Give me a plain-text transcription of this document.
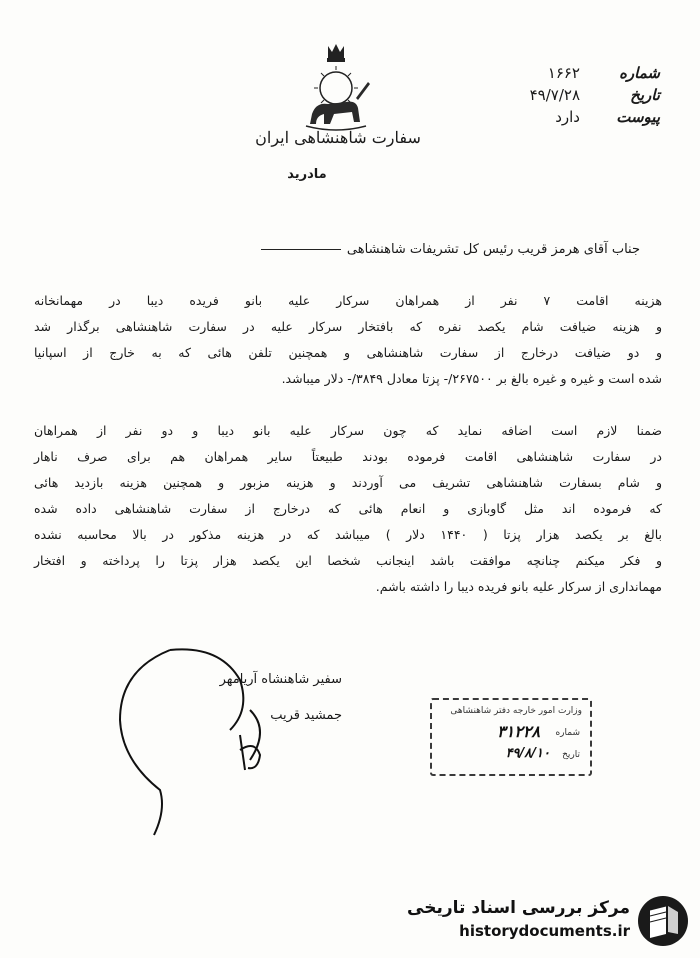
شماره
تاریخ
پیوست
۱۶۶۲
۴۹/۷/۲۸
دارد
سفارت شاهنشاهی ایران
مادرید
جناب آقای هرمز قریب رئیس کل تشریفات شاهنشاهی

هزینه اقامت ۷ نفر از همراهان سرکار علیه بانو فریده دیبا در مهمانخانه

و هزینه ضیافت شام یکصد نفره که بافتخار سرکار علیه در سفارت شاهنشاهی برگذار شد

و دو ضیافت درخارج از سفارت شاهنشاهی و همچنین تلفن هائی که به خارج از اسپانیا

شده است و غیره و غیره بالغ بر ۲۶۷۵۰۰/- پزتا معادل ۳۸۴۹/- دلار میباشد.

ضمنا لازم است اضافه نماید که چون سرکار علیه بانو دیبا و دو نفر از همراهان

در سفارت شاهنشاهی اقامت فرموده بودند طبیعتاً سایر همراهان هم برای صرف ناهار

و شام بسفارت شاهنشاهی تشریف می آوردند و هزینه مزبور و همچنین هزینه بازدید هائی

که فرموده اند مثل گاوبازی و انعام هائی که درخارج از سفارت شاهنشاهی داده شده

بالغ بر یکصد هزار پزتا ( ۱۴۴۰ دلار ) میباشد که در هزینه مذکور در بالا محاسبه نشده

و فکر میکنم چنانچه موافقت باشد اینجانب شخصا این یکصد هزار پزتا را پرداخته و افتخار

مهمانداری از سرکار علیه بانو فریده دیبا را داشته باشم.

سفیر شاهنشاه آریامهر
جمشید قریب	وزارت امور خارجه دفتر شاهنشاهی
شماره
۳۱۲۲۸
تاریخ
۴۹/۸/۱۰
مرکز بررسی اسناد تاریخی
historydocuments.ir
